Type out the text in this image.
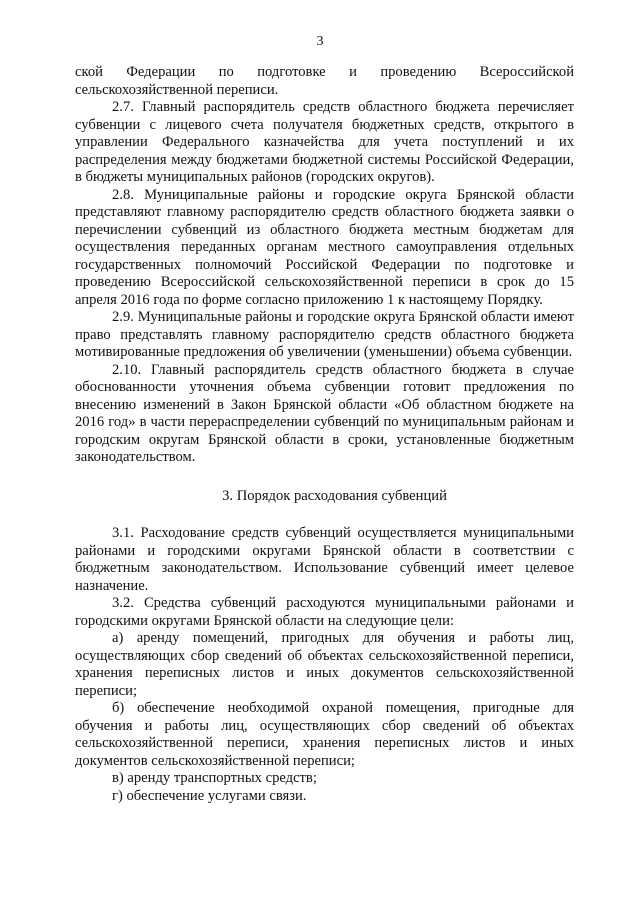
3

ской Федерации по подготовке и проведению Всероссийской сельскохозяйственной переписи.

2.7. Главный распорядитель средств областного бюджета перечисляет субвенции с лицевого счета получателя бюджетных средств, открытого в управлении Федерального казначейства для учета поступлений и их распределения между бюджетами бюджетной системы Российской Федерации, в бюджеты муниципальных районов (городских округов).

2.8. Муниципальные районы и городские округа Брянской области представляют главному распорядителю средств областного бюджета заявки о перечислении субвенций из областного бюджета местным бюджетам для осуществления переданных органам местного самоуправления отдельных государственных полномочий Российской Федерации по подготовке и проведению Всероссийской сельскохозяйственной переписи в срок до 15 апреля 2016 года по форме согласно приложению 1 к настоящему Порядку.

2.9. Муниципальные районы и городские округа Брянской области имеют право представлять главному распорядителю средств областного бюджета мотивированные предложения об увеличении (уменьшении) объема субвенции.

2.10. Главный распорядитель средств областного бюджета в случае обоснованности уточнения объема субвенции готовит предложения по внесению изменений в Закон Брянской области «Об областном бюджете на 2016 год» в части перераспределении субвенций по муниципальным районам и городским округам Брянской области в сроки, установленные бюджетным законодательством.

3. Порядок расходования субвенций

3.1. Расходование средств субвенций осуществляется муниципальными районами и городскими округами Брянской области в соответствии с бюджетным законодательством. Использование субвенций имеет целевое назначение.

3.2. Средства субвенций расходуются муниципальными районами и городскими округами Брянской области на следующие цели:

а) аренду помещений, пригодных для обучения и работы лиц, осуществляющих сбор сведений об объектах сельскохозяйственной переписи, хранения переписных листов и иных документов сельскохозяйственной переписи;

б) обеспечение необходимой охраной помещения, пригодные для обучения и работы лиц, осуществляющих сбор сведений об объектах сельскохозяйственной переписи, хранения переписных листов и иных документов сельскохозяйственной переписи;

в) аренду транспортных средств;

г) обеспечение услугами связи.
